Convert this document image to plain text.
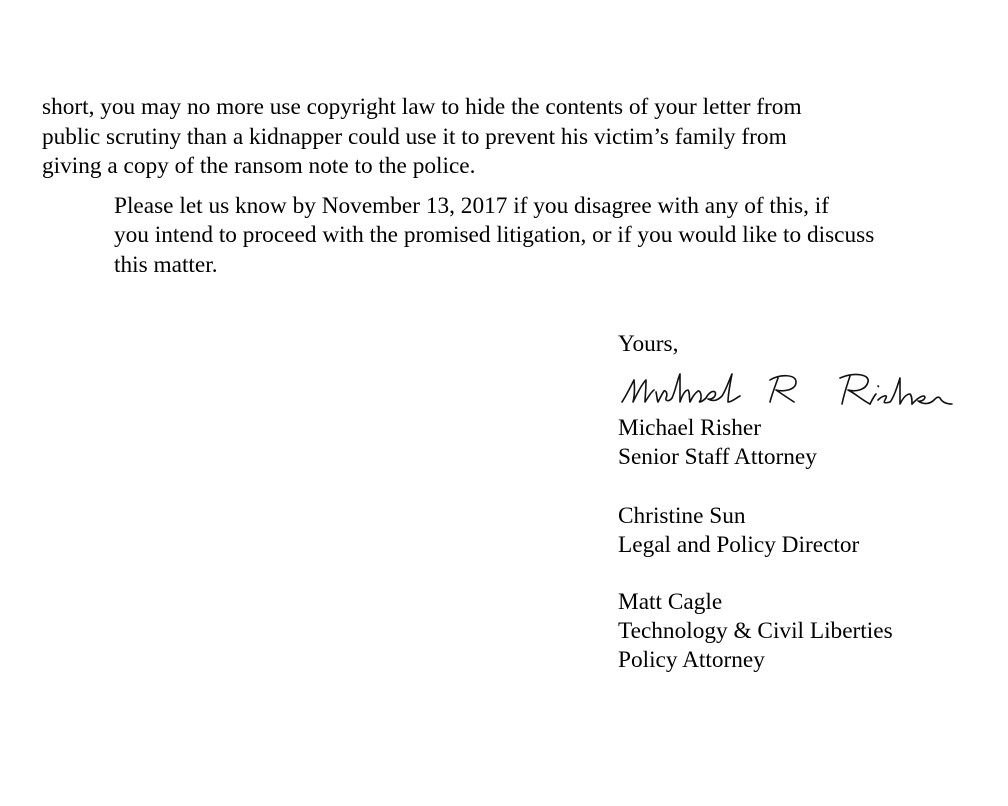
short, you may no more use copyright law to hide the contents of your letter from
public scrutiny than a kidnapper could use it to prevent his victim’s family from
giving a copy of the ransom note to the police.

Please let us know by November 13, 2017 if you disagree with any of this, if
you intend to proceed with the promised litigation, or if you would like to discuss
this matter.

Yours,
Michael Risher
Senior Staff Attorney
Christine Sun
Legal and Policy Director
Matt Cagle
Technology & Civil Liberties
Policy Attorney
